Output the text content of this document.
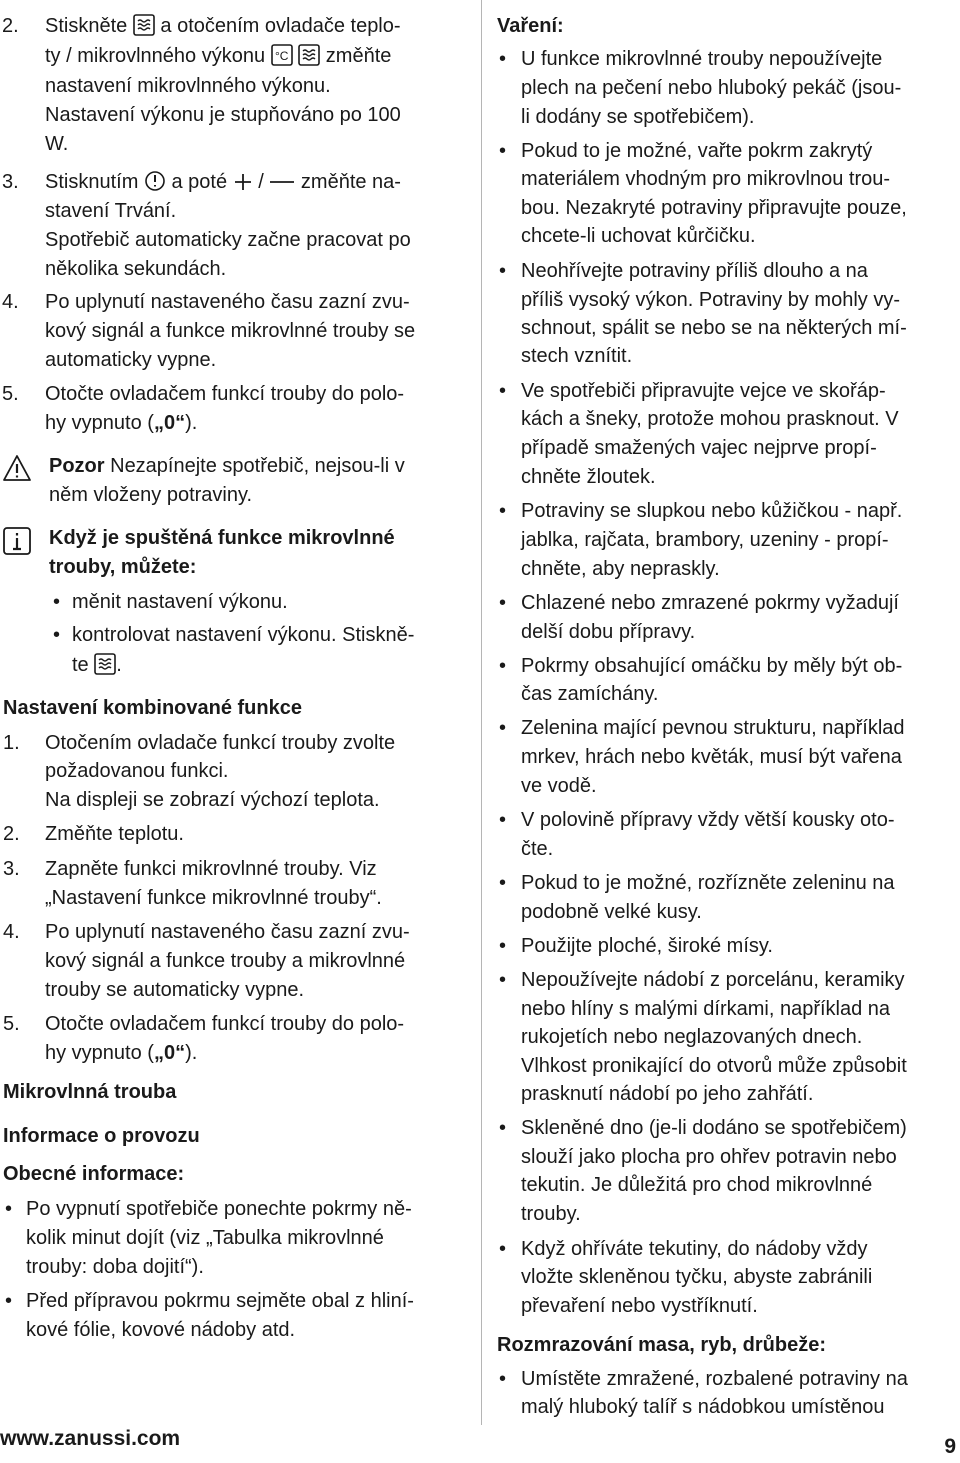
2. Stiskněte a otočením ovladače teplo-
ty / mikrovlnného výkonu °C změňte
nastavení mikrovlnného výkonu.
Nastavení výkonu je stupňováno po 100
W.
3. Stisknutím a poté / změňte na-
stavení Trvání.
Spotřebič automaticky začne pracovat po
několika sekundách.
4. Po uplynutí nastaveného času zazní zvu-
kový signál a funkce mikrovlnné trouby se
automaticky vypne.
5. Otočte ovladačem funkcí trouby do polo-
hy vypnuto („0“).
Pozor Nezapínejte spotřebič, nejsou-li v
něm vloženy potraviny.
Když je spuštěná funkce mikrovlnné
trouby, můžete:
• měnit nastavení výkonu.
• kontrolovat nastavení výkonu. Stiskně-
te .
Nastavení kombinované funkce
1. Otočením ovladače funkcí trouby zvolte
požadovanou funkci.
Na displeji se zobrazí výchozí teplota.
2. Změňte teplotu.
3. Zapněte funkci mikrovlnné trouby. Viz
„Nastavení funkce mikrovlnné trouby“.
4. Po uplynutí nastaveného času zazní zvu-
kový signál a funkce trouby a mikrovlnné
trouby se automaticky vypne.
5. Otočte ovladačem funkcí trouby do polo-
hy vypnuto („0“).
Mikrovlnná trouba
Informace o provozu
Obecné informace:
• Po vypnutí spotřebiče ponechte pokrmy ně-
kolik minut dojít (viz „Tabulka mikrovlnné
trouby: doba dojití“).
• Před přípravou pokrmu sejměte obal z hliní-
kové fólie, kovové nádoby atd.
Vaření:
• U funkce mikrovlnné trouby nepoužívejte
plech na pečení nebo hluboký pekáč (jsou-
li dodány se spotřebičem).
• Pokud to je možné, vařte pokrm zakrytý
materiálem vhodným pro mikrovlnou trou-
bou. Nezakryté potraviny připravujte pouze,
chcete-li uchovat kůrčičku.
• Neohřívejte potraviny příliš dlouho a na
příliš vysoký výkon. Potraviny by mohly vy-
schnout, spálit se nebo se na některých mí-
stech vznítit.
• Ve spotřebiči připravujte vejce ve skořáp-
kách a šneky, protože mohou prasknout. V
případě smažených vajec nejprve propí-
chněte žloutek.
• Potraviny se slupkou nebo kůžičkou - např.
jablka, rajčata, brambory, uzeniny - propí-
chněte, aby nepraskly.
• Chlazené nebo zmrazené pokrmy vyžadují
delší dobu přípravy.
• Pokrmy obsahující omáčku by měly být ob-
čas zamíchány.
• Zelenina mající pevnou strukturu, například
mrkev, hrách nebo květák, musí být vařena
ve vodě.
• V polovině přípravy vždy větší kousky oto-
čte.
• Pokud to je možné, rozřízněte zeleninu na
podobně velké kusy.
• Použijte ploché, široké mísy.
• Nepoužívejte nádobí z porcelánu, keramiky
nebo hlíny s malými dírkami, například na
rukojetích nebo neglazovaných dnech.
Vlhkost pronikající do otvorů může způsobit
prasknutí nádobí po jeho zahřátí.
• Skleněné dno (je-li dodáno se spotřebičem)
slouží jako plocha pro ohřev potravin nebo
tekutin. Je důležitá pro chod mikrovlnné
trouby.
• Když ohříváte tekutiny, do nádoby vždy
vložte skleněnou tyčku, abyste zabránili
převaření nebo vystříknutí.
Rozmrazování masa, ryb, drůbeže:
• Umístěte zmražené, rozbalené potraviny na
malý hluboký talíř s nádobkou umístěnou
www.zanussi.com	9
